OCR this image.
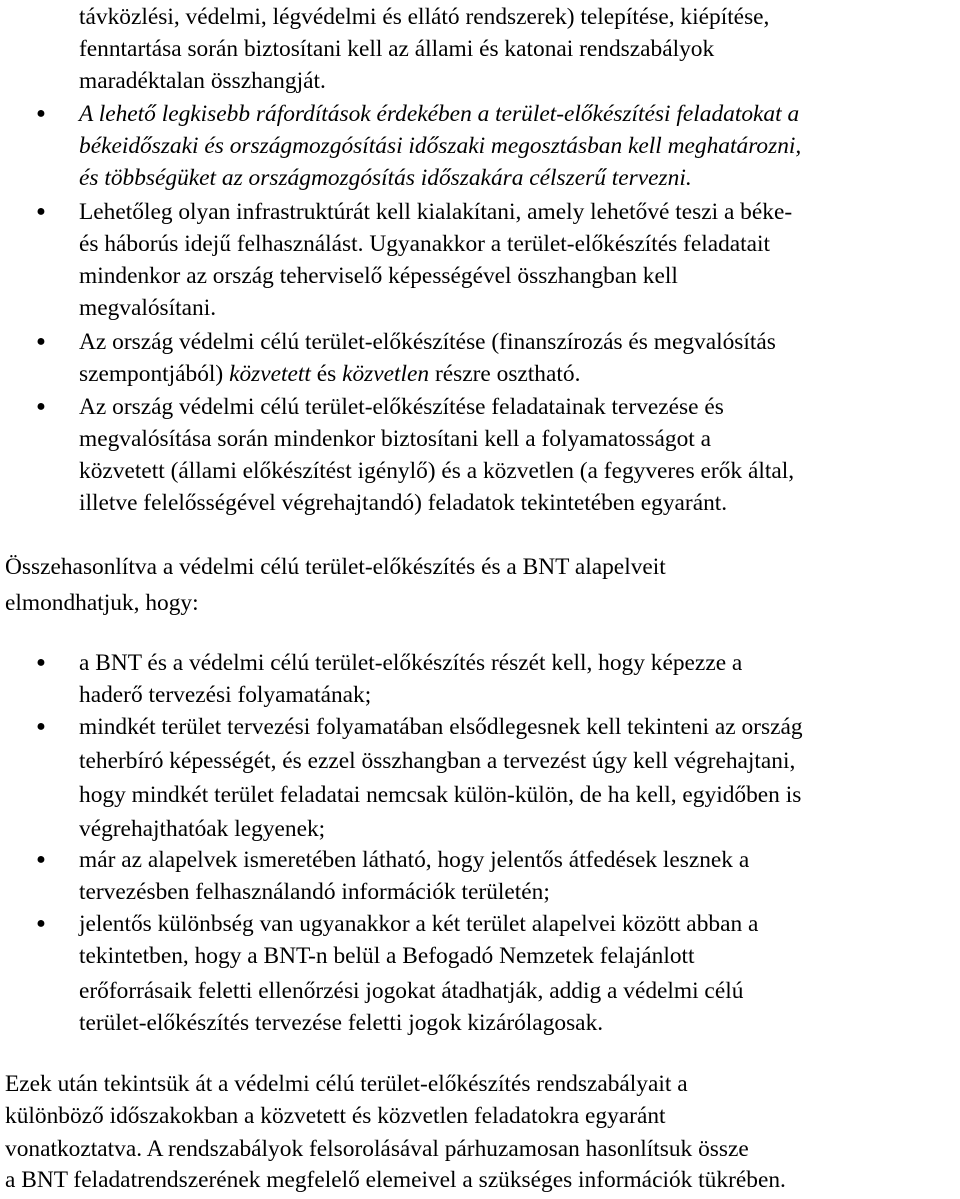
távközlési, védelmi, légvédelmi és ellátó rendszerek) telepítése, kiépítése,
fenntartása során biztosítani kell az állami és katonai rendszabályok
maradéktalan összhangját.
● A lehető legkisebb ráfordítások érdekében a terület-előkészítési feladatokat a
békeidőszaki és országmozgósítási időszaki megosztásban kell meghatározni,
és többségüket az országmozgósítás időszakára célszerű tervezni.
● Lehetőleg olyan infrastruktúrát kell kialakítani, amely lehetővé teszi a béke-
és háborús idejű felhasználást. Ugyanakkor a terület-előkészítés feladatait
mindenkor az ország teherviselő képességével összhangban kell
megvalósítani.
● Az ország védelmi célú terület-előkészítése (finanszírozás és megvalósítás
szempontjából) közvetett és közvetlen részre osztható.
● Az ország védelmi célú terület-előkészítése feladatainak tervezése és
megvalósítása során mindenkor biztosítani kell a folyamatosságot a
közvetett (állami előkészítést igénylő) és a közvetlen (a fegyveres erők által,
illetve felelősségével végrehajtandó) feladatok tekintetében egyaránt.
Összehasonlítva a védelmi célú terület-előkészítés és a BNT alapelveit
elmondhatjuk, hogy:
● a BNT és a védelmi célú terület-előkészítés részét kell, hogy képezze a
haderő tervezési folyamatának;
● mindkét terület tervezési folyamatában elsődlegesnek kell tekinteni az ország
teherbíró képességét, és ezzel összhangban a tervezést úgy kell végrehajtani,
hogy mindkét terület feladatai nemcsak külön-külön, de ha kell, egyidőben is
végrehajthatóak legyenek;
● már az alapelvek ismeretében látható, hogy jelentős átfedések lesznek a
tervezésben felhasználandó információk területén;
● jelentős különbség van ugyanakkor a két terület alapelvei között abban a
tekintetben, hogy a BNT-n belül a Befogadó Nemzetek felajánlott
erőforrásaik feletti ellenőrzési jogokat átadhatják, addig a védelmi célú
terület-előkészítés tervezése feletti jogok kizárólagosak.
Ezek után tekintsük át a védelmi célú terület-előkészítés rendszabályait a
különböző időszakokban a közvetett és közvetlen feladatokra egyaránt
vonatkoztatva. A rendszabályok felsorolásával párhuzamosan hasonlítsuk össze
a BNT feladatrendszerének megfelelő elemeivel a szükséges információk tükrében.
